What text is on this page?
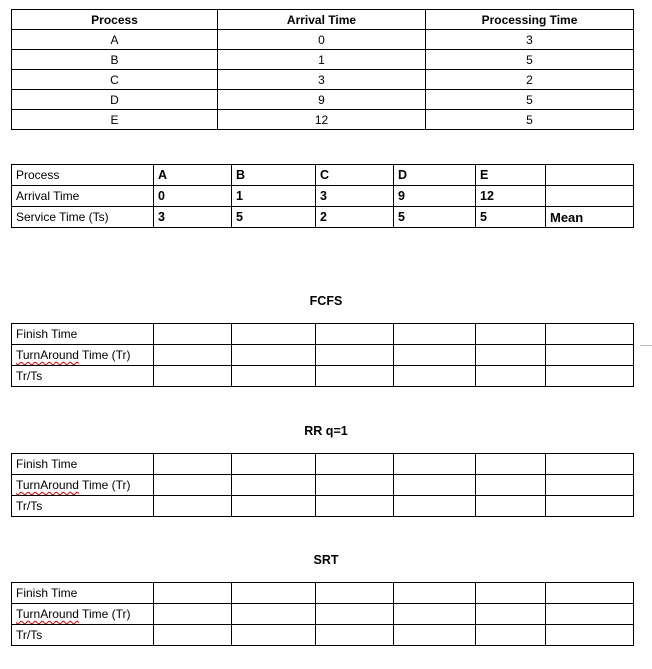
Process	Arrival Time	Processing Time
A	0	3
B	1	5
C	3	2
D	9	5
E	12	5
Process	A	B	C	D	E	
Arrival Time	0	1	3	9	12	
Service Time (Ts)	3	5	2	5	5	Mean
FCFS
Finish Time						
TurnAround Time (Tr)						
Tr/Ts						
RR q=1
Finish Time						
TurnAround Time (Tr)						
Tr/Ts						
SRT
Finish Time						
TurnAround Time (Tr)						
Tr/Ts						
